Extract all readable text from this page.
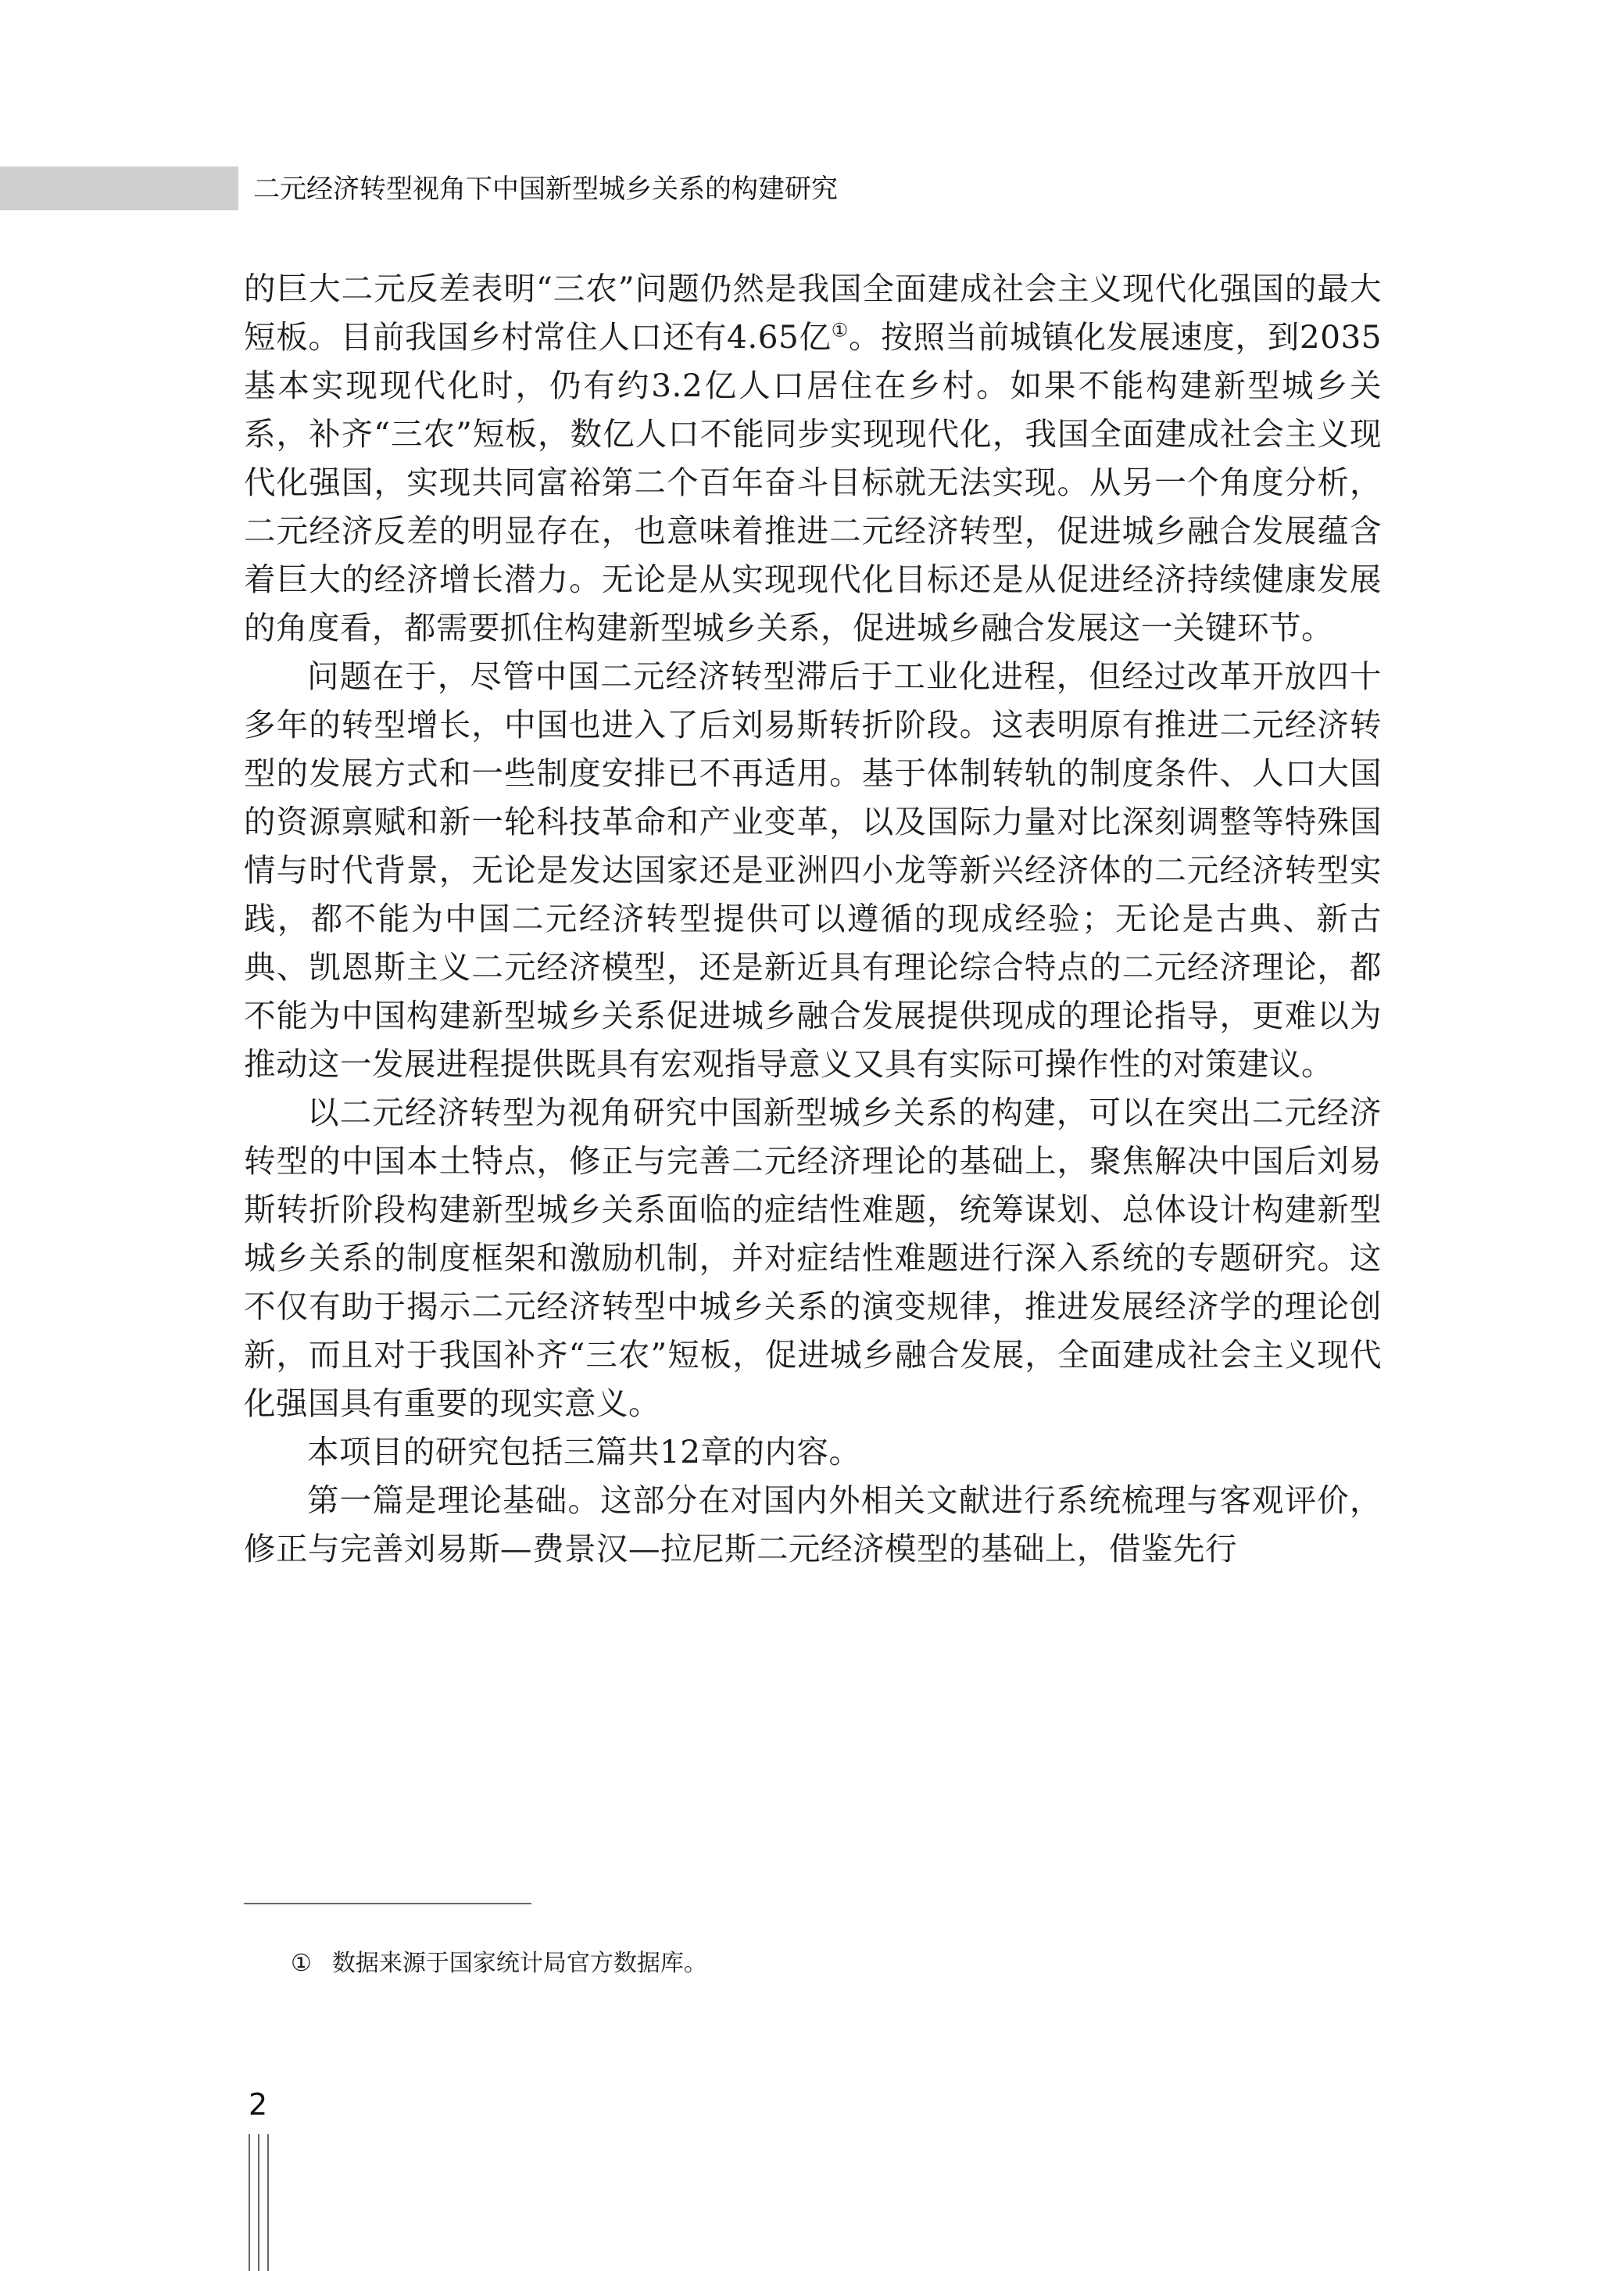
二元经济转型视角下中国新型城乡关系的构建研究

的巨大二元反差表明“三农”问题仍然是我国全面建成社会主义现代化强国的最大短板。目前我国乡村常住人口还有4.65亿①。按照当前城镇化发展速度，到2035基本实现现代化时，仍有约3.2亿人口居住在乡村。如果不能构建新型城乡关系，补齐“三农”短板，数亿人口不能同步实现现代化，我国全面建成社会主义现代化强国，实现共同富裕第二个百年奋斗目标就无法实现。从另一个角度分析，二元经济反差的明显存在，也意味着推进二元经济转型，促进城乡融合发展蕴含着巨大的经济增长潜力。无论是从实现现代化目标还是从促进经济持续健康发展的角度看，都需要抓住构建新型城乡关系，促进城乡融合发展这一关键环节。

问题在于，尽管中国二元经济转型滞后于工业化进程，但经过改革开放四十多年的转型增长，中国也进入了后刘易斯转折阶段。这表明原有推进二元经济转型的发展方式和一些制度安排已不再适用。基于体制转轨的制度条件、人口大国的资源禀赋和新一轮科技革命和产业变革，以及国际力量对比深刻调整等特殊国情与时代背景，无论是发达国家还是亚洲四小龙等新兴经济体的二元经济转型实践，都不能为中国二元经济转型提供可以遵循的现成经验；无论是古典、新古典、凯恩斯主义二元经济模型，还是新近具有理论综合特点的二元经济理论，都不能为中国构建新型城乡关系促进城乡融合发展提供现成的理论指导，更难以为推动这一发展进程提供既具有宏观指导意义又具有实际可操作性的对策建议。

以二元经济转型为视角研究中国新型城乡关系的构建，可以在突出二元经济转型的中国本土特点，修正与完善二元经济理论的基础上，聚焦解决中国后刘易斯转折阶段构建新型城乡关系面临的症结性难题，统筹谋划、总体设计构建新型城乡关系的制度框架和激励机制，并对症结性难题进行深入系统的专题研究。这不仅有助于揭示二元经济转型中城乡关系的演变规律，推进发展经济学的理论创新，而且对于我国补齐“三农”短板，促进城乡融合发展，全面建成社会主义现代化强国具有重要的现实意义。

本项目的研究包括三篇共12章的内容。

第一篇是理论基础。这部分在对国内外相关文献进行系统梳理与客观评价，修正与完善刘易斯—费景汉—拉尼斯二元经济模型的基础上，借鉴先行

① 数据来源于国家统计局官方数据库。
2
